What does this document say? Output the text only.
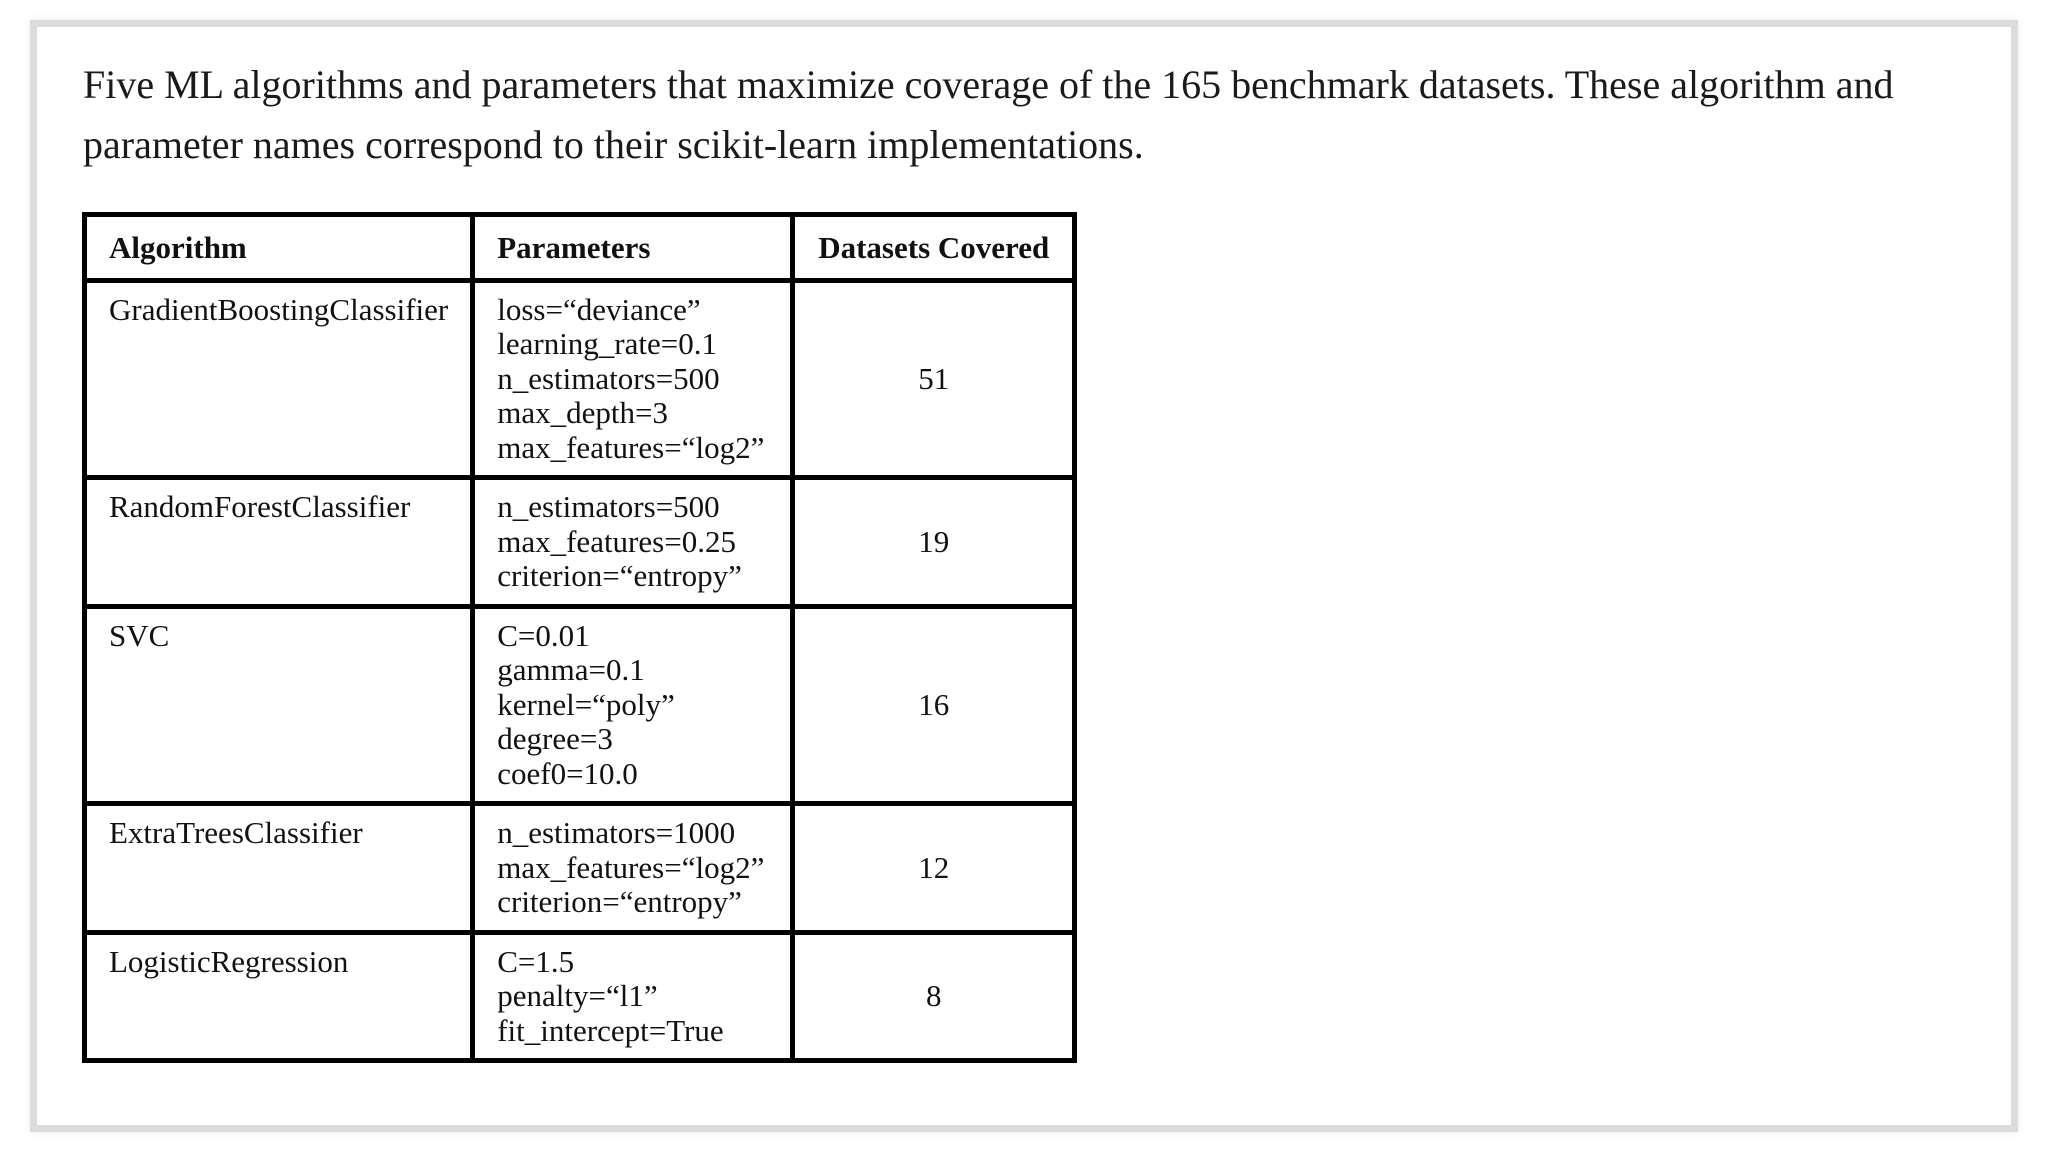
Five ML algorithms and parameters that maximize coverage of the 165 benchmark datasets. These algorithm and parameter names correspond to their scikit-learn implementations.

Algorithm	Parameters	Datasets Covered
GradientBoostingClassifier	loss=“deviance”
learning_rate=0.1
n_estimators=500
max_depth=3
max_features=“log2”	51
RandomForestClassifier	n_estimators=500
max_features=0.25
criterion=“entropy”	19
SVC	C=0.01
gamma=0.1
kernel=“poly”
degree=3
coef0=10.0	16
ExtraTreesClassifier	n_estimators=1000
max_features=“log2”
criterion=“entropy”	12
LogisticRegression	C=1.5
penalty=“l1”
fit_intercept=True	8
